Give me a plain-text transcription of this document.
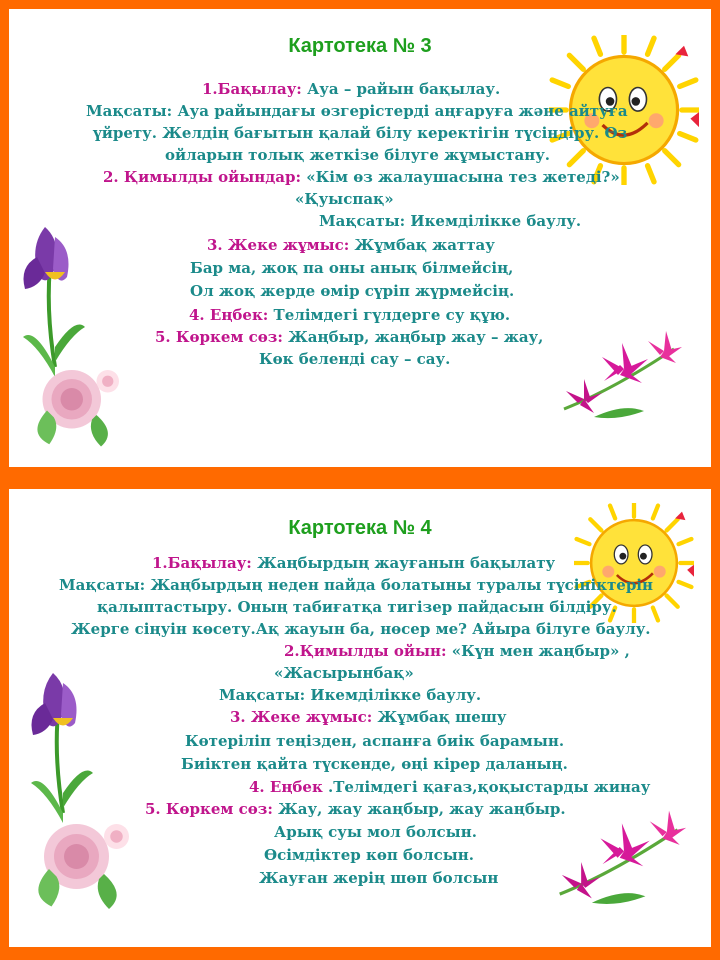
Картотека № 3
1.Бақылау: Ауа – райын бақылау.
Мақсаты: Ауа райындағы өзгерістерді аңғаруға және айтуға
үйрету. Желдің бағытын қалай білу керектігін түсіндіру. Өз
ойларын толық жеткізе білуге жұмыстану.
2. Қимылды ойындар: «Кім өз жалаушасына тез жетеді?»
«Қуыспақ»
Мақсаты: Икемділікке баулу.
3. Жеке жұмыс: Жұмбақ жаттау
Бар ма, жоқ па оны анық білмейсің,
Ол жоқ жерде өмір сүріп жүрмейсің.
4. Еңбек: Телімдегі гүлдерге су құю.
5. Көркем сөз: Жаңбыр, жаңбыр жау – жау,
Көк беленді сау – сау.
Картотека № 4
1.Бақылау: Жаңбырдың жауғанын бақылату
Мақсаты: Жаңбырдың неден пайда болатыны туралы түсініктерін
қалыптастыру. Оның табиғатқа тигізер пайдасын білдіру.
Жерге сіңуін көсету.Ақ жауын ба, нөсер ме? Айыра білуге баулу.
2.Қимылды ойын: «Күн мен жаңбыр» ,
«Жасырынбақ»
Мақсаты: Икемділікке баулу.
3. Жеке жұмыс: Жұмбақ шешу
Көтеріліп теңізден, аспанға биік барамын.
Биіктен қайта түскенде, өңі кірер даланың.
4. Еңбек .Телімдегі қағаз,қоқыстарды жинау
5. Көркем сөз: Жау, жау жаңбыр, жау жаңбыр.
Арық суы мол болсын.
Өсімдіктер көп болсын.
Жауған жерің шөп болсын
